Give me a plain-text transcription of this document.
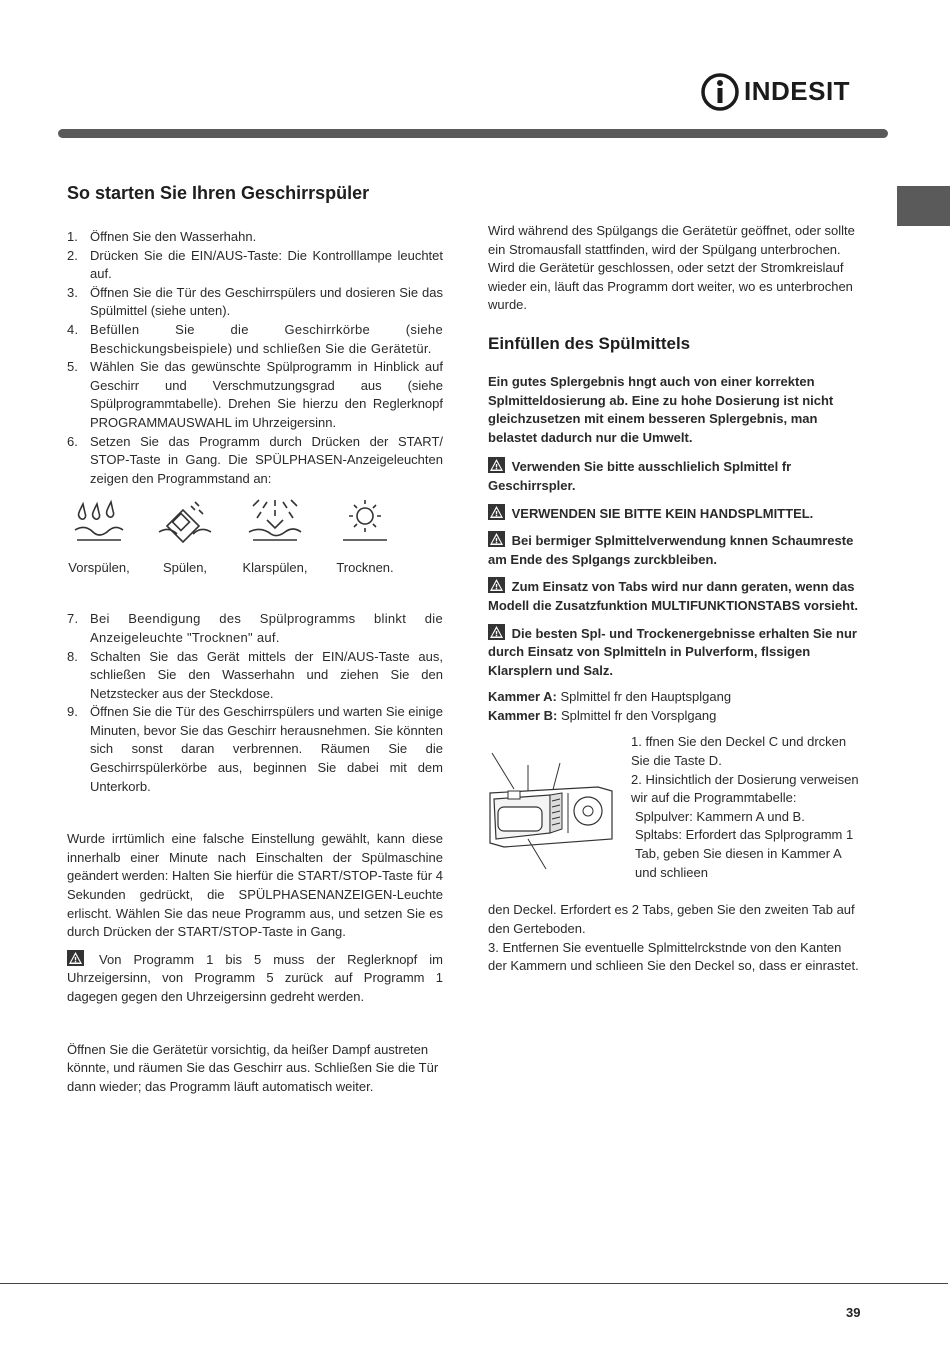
INDESIT
So starten Sie Ihren Geschirrspüler
1. Öffnen Sie den Wasserhahn.
2. Drücken Sie die EIN/AUS-Taste: Die Kontrolllampe leuchtet auf.
3. Öffnen Sie die Tür des Geschirrspülers und dosieren Sie das Spülmittel (siehe unten).
4. Befüllen Sie die Geschirrkörbe (siehe Beschickungsbeispiele) und schließen Sie die Gerätetür.
5. Wählen Sie das gewünschte Spülprogramm in Hinblick auf Geschirr und Verschmutzungsgrad aus (siehe Spülprogrammtabelle). Drehen Sie hierzu den Reglerknopf PROGRAMMAUSWAHL im Uhrzeigersinn.
6. Setzen Sie das Programm durch Drücken der START/ STOP-Taste in Gang. Die SPÜLPHASEN-Anzeigeleuchten zeigen den Programmstand an:
Vorspülen,	Spülen,	Klarspülen,	Trocknen.
7. Bei Beendigung des Spülprogramms blinkt die Anzeigeleuchte "Trocknen" auf.
8. Schalten Sie das Gerät mittels der EIN/AUS-Taste aus, schließen Sie den Wasserhahn und ziehen Sie den Netzstecker aus der Steckdose.
9. Öffnen Sie die Tür des Geschirrspülers und warten Sie einige Minuten, bevor Sie das Geschirr herausnehmen. Sie könnten sich sonst daran verbrennen. Räumen Sie die Geschirrspülerkörbe aus, beginnen Sie dabei mit dem Unterkorb.

Wurde irrtümlich eine falsche Einstellung gewählt, kann diese innerhalb einer Minute nach Einschalten der Spülmaschine geändert werden: Halten Sie hierfür die START/STOP-Taste für 4 Sekunden gedrückt, die SPÜLPHASENANZEIGEN-Leuchte erlischt. Wählen Sie das neue Programm aus, und setzen Sie es durch Drücken der START/STOP-Taste in Gang.

Von Programm 1 bis 5 muss der Reglerknopf im Uhrzeigersinn, von Programm 5 zurück auf Programm 1 dagegen gegen den Uhrzeigersinn gedreht werden.

Öffnen Sie die Gerätetür vorsichtig, da heißer Dampf austreten könnte, und räumen Sie das Geschirr aus. Schließen Sie die Tür dann wieder; das Programm läuft automatisch weiter.

Wird während des Spülgangs die Gerätetür geöffnet, oder sollte ein Stromausfall stattfinden, wird der Spülgang unterbrochen. Wird die Gerätetür geschlossen, oder setzt der Stromkreislauf wieder ein, läuft das Programm dort weiter, wo es unterbrochen wurde.

Einfüllen des Spülmittels

Ein gutes Splergebnis hngt auch von einer korrekten Splmitteldosierung ab. Eine zu hohe Dosierung ist nicht gleichzusetzen mit einem besseren Splergebnis, man belastet dadurch nur die Umwelt.

Verwenden Sie bitte ausschlielich Splmittel fr Geschirrspler.

VERWENDEN SIE BITTE KEIN HANDSPLMITTEL.

Bei bermiger Splmittelverwendung knnen Schaumreste am Ende des Splgangs zurckbleiben.

Zum Einsatz von Tabs wird nur dann geraten, wenn das Modell die Zusatzfunktion MULTIFUNKTIONSTABS vorsieht.

Die besten Spl- und Trockenergebnisse erhalten Sie nur durch Einsatz von Splmitteln in Pulverform, flssigen Klarsplern und Salz.

Kammer A: Splmittel fr den Hauptsplgang

Kammer B: Splmittel fr den Vorsplgang

1. ffnen Sie den Deckel C und drcken Sie die Taste D.
2. Hinsichtlich der Dosierung verweisen wir auf die Programmtabelle:
Splpulver: Kammern A und B.
Spltabs: Erfordert das Splprogramm 1 Tab, geben Sie diesen in Kammer A und schlieen
den Deckel. Erfordert es 2 Tabs, geben Sie den zweiten Tab auf den Gerteboden.
3. Entfernen Sie eventuelle Splmittelrckstnde von den Kanten der Kammern und schlieen Sie den Deckel so, dass er einrastet.
39
